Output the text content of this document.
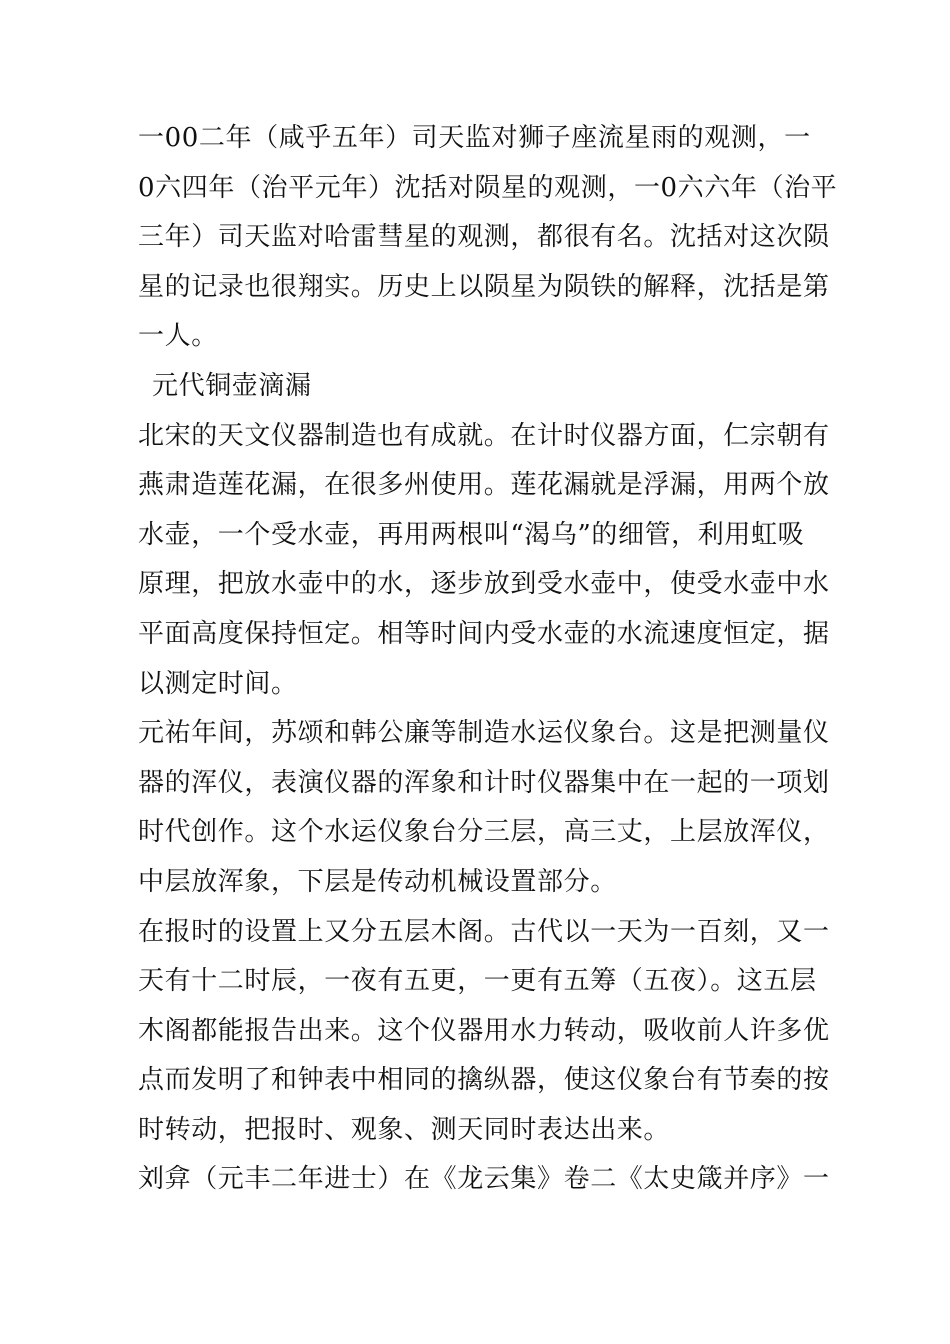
一00二年（咸乎五年）司天监对狮子座流星雨的观测，一
0六四年（治平元年）沈括对陨星的观测，一0六六年（治平
三年）司天监对哈雷彗星的观测，都很有名。沈括对这次陨
星的记录也很翔实。历史上以陨星为陨铁的解释，沈括是第
一人。
元代铜壶滴漏
北宋的天文仪器制造也有成就。在计时仪器方面，仁宗朝有
燕肃造莲花漏，在很多州使用。莲花漏就是浮漏，用两个放
水壶，一个受水壶，再用两根叫“渴乌”的细管，利用虹吸
原理，把放水壶中的水，逐步放到受水壶中，使受水壶中水
平面高度保持恒定。相等时间内受水壶的水流速度恒定，据
以测定时间。
元祐年间，苏颂和韩公廉等制造水运仪象台。这是把测量仪
器的浑仪，表演仪器的浑象和计时仪器集中在一起的一项划
时代创作。这个水运仪象台分三层，高三丈，上层放浑仪，
中层放浑象，下层是传动机械设置部分。
在报时的设置上又分五层木阁。古代以一天为一百刻，又一
天有十二时辰，一夜有五更，一更有五筹（五夜）。这五层
木阁都能报告出来。这个仪器用水力转动，吸收前人许多优
点而发明了和钟表中相同的擒纵器，使这仪象台有节奏的按
时转动，把报时、观象、测天同时表达出来。
刘弇（元丰二年进士）在《龙云集》卷二《太史箴并序》一
